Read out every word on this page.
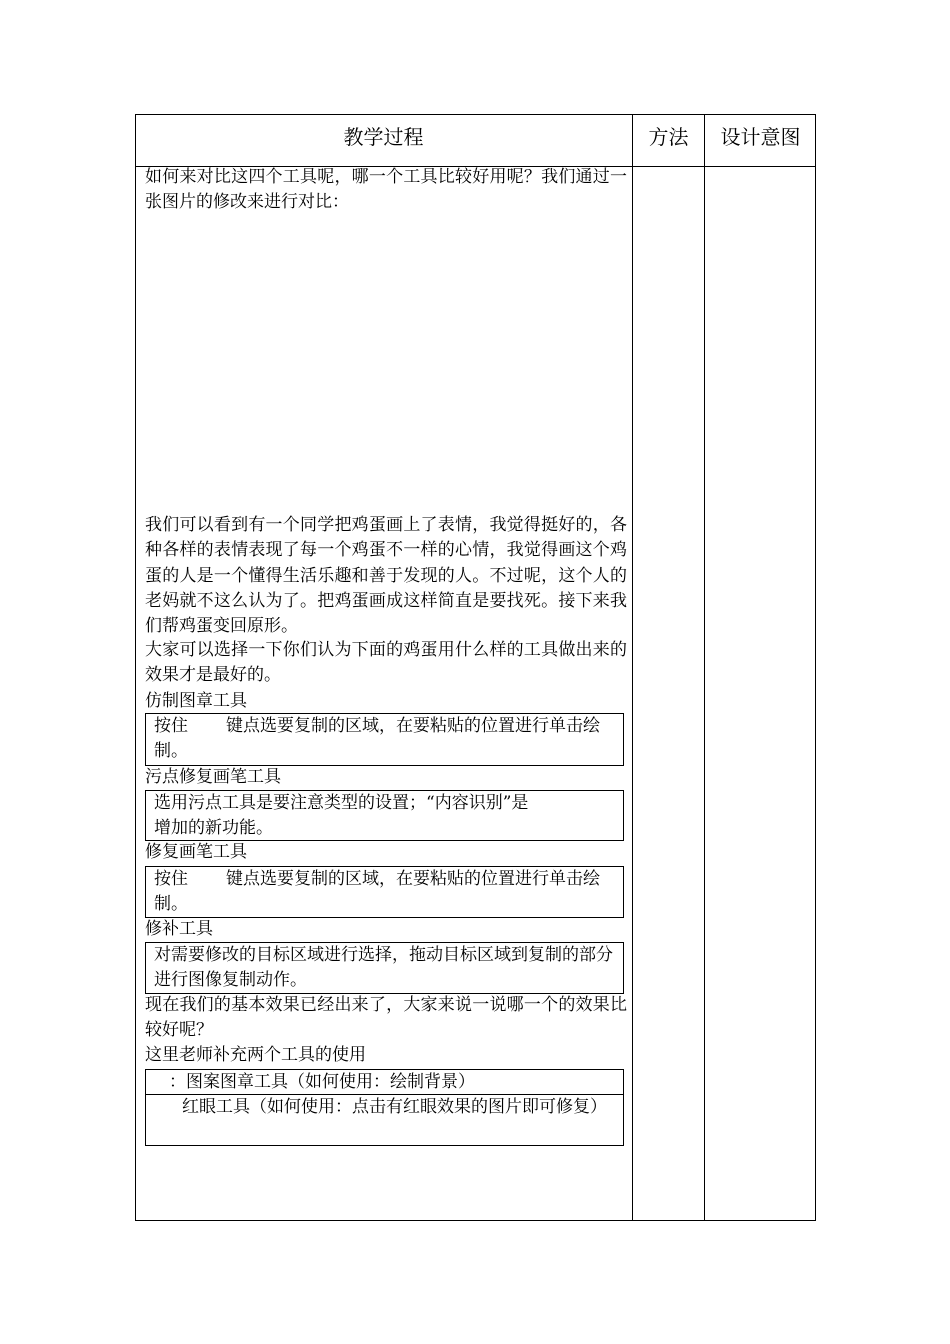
教学过程	方法	设计意图

如何来对比这四个工具呢，哪一个工具比较好用呢？我们通过一张图片的修改来进行对比：

我们可以看到有一个同学把鸡蛋画上了表情，我觉得挺好的，各种各样的表情表现了每一个鸡蛋不一样的心情，我觉得画这个鸡蛋的人是一个懂得生活乐趣和善于发现的人。不过呢，这个人的老妈就不这么认为了。把鸡蛋画成这样简直是要找死。接下来我们帮鸡蛋变回原形。

大家可以选择一下你们认为下面的鸡蛋用什么样的工具做出来的效果才是最好的。

仿制图章工具

按住 键点选要复制的区域，在要粘贴的位置进行单击绘制。

污点修复画笔工具

选用污点工具是要注意类型的设置；“内容识别”是

增加的新功能。

修复画笔工具

按住 键点选要复制的区域，在要粘贴的位置进行单击绘制。

修补工具

对需要修改的目标区域进行选择，拖动目标区域到复制的部分进行图像复制动作。

现在我们的基本效果已经出来了，大家来说一说哪一个的效果比较好呢？

这里老师补充两个工具的使用

：图案图章工具（如何使用：绘制背景）

红眼工具（如何使用：点击有红眼效果的图片即可修复）
